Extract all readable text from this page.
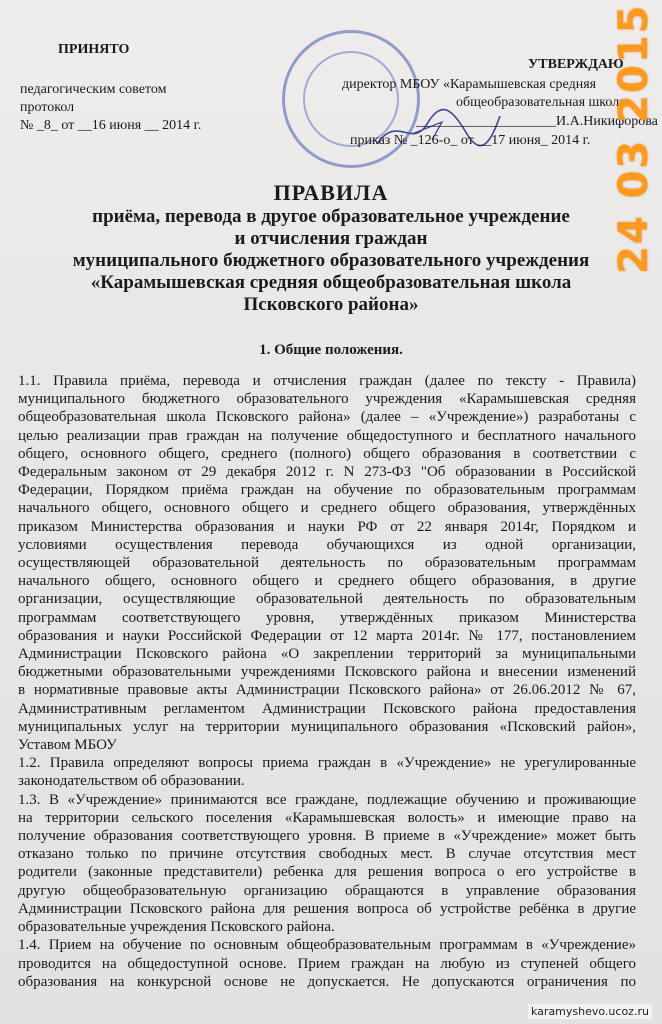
ПРИНЯТО
педагогическим советом
протокол
№ _8_ от __16 июня __ 2014 г.
УТВЕРЖДАЮ
директор МБОУ «Карамышевская средняя
общеобразовательная школа»
____________________И.А.Никифорова
приказ № _126-о_ от __17 июня_ 2014 г. 24 03 2015
ПРАВИЛА
приёма, перевода в другое образовательное учреждение
и отчисления граждан
муниципального бюджетного образовательного учреждения
«Карамышевская средняя общеобразовательная школа
Псковского района»
1. Общие положения.
1.1. Правила приёма, перевода и отчисления граждан (далее по тексту - Правила)
муниципального бюджетного образовательного учреждения «Карамышевская средняя
общеобразовательная школа Псковского района» (далее – «Учреждение») разработаны с
целью реализации прав граждан на получение общедоступного и бесплатного начального
общего, основного общего, среднего (полного) общего образования в соответствии с
Федеральным законом от 29 декабря 2012 г. N 273-ФЗ "Об образовании в Российской
Федерации, Порядком приёма граждан на обучение по образовательным программам
начального общего, основного общего и среднего общего образования, утверждённых
приказом Министерства образования и науки РФ от 22 января 2014г, Порядком и
условиями осуществления перевода обучающихся из одной организации,
осуществляющей образовательной деятельность по образовательным программам
начального общего, основного общего и среднего общего образования, в другие
организации, осуществляющие образовательной деятельность по образовательным
программам соответствующего уровня, утверждённых приказом Министерства
образования и науки Российской Федерации от 12 марта 2014г. № 177, постановлением
Администрации Псковского района «О закреплении территорий за муниципальными
бюджетными образовательными учреждениями Псковского района и внесении изменений
в нормативные правовые акты Администрации Псковского района» от 26.06.2012 № 67,
Административным регламентом Администрации Псковского района предоставления
муниципальных услуг на территории муниципального образования «Псковский район»,
Уставом МБОУ
1.2. Правила определяют вопросы приема граждан в «Учреждение» не урегулированные
законодательством об образовании.
1.3. В «Учреждение» принимаются все граждане, подлежащие обучению и проживающие
на территории сельского поселения «Карамышевская волость» и имеющие право на
получение образования соответствующего уровня. В приеме в «Учреждение» может быть
отказано только по причине отсутствия свободных мест. В случае отсутствия мест
родители (законные представители) ребенка для решения вопроса о его устройстве в
другую общеобразовательную организацию обращаются в управление образования
Администрации Псковского района для решения вопроса об устройстве ребёнка в другие
образовательные учреждения Псковского района.
1.4. Прием на обучение по основным общеобразовательным программам в «Учреждение»
проводится на общедоступной основе. Прием граждан на любую из ступеней общего
образования на конкурсной основе не допускается. Не допускаются ограничения по
karamyshevo.ucoz.ru
